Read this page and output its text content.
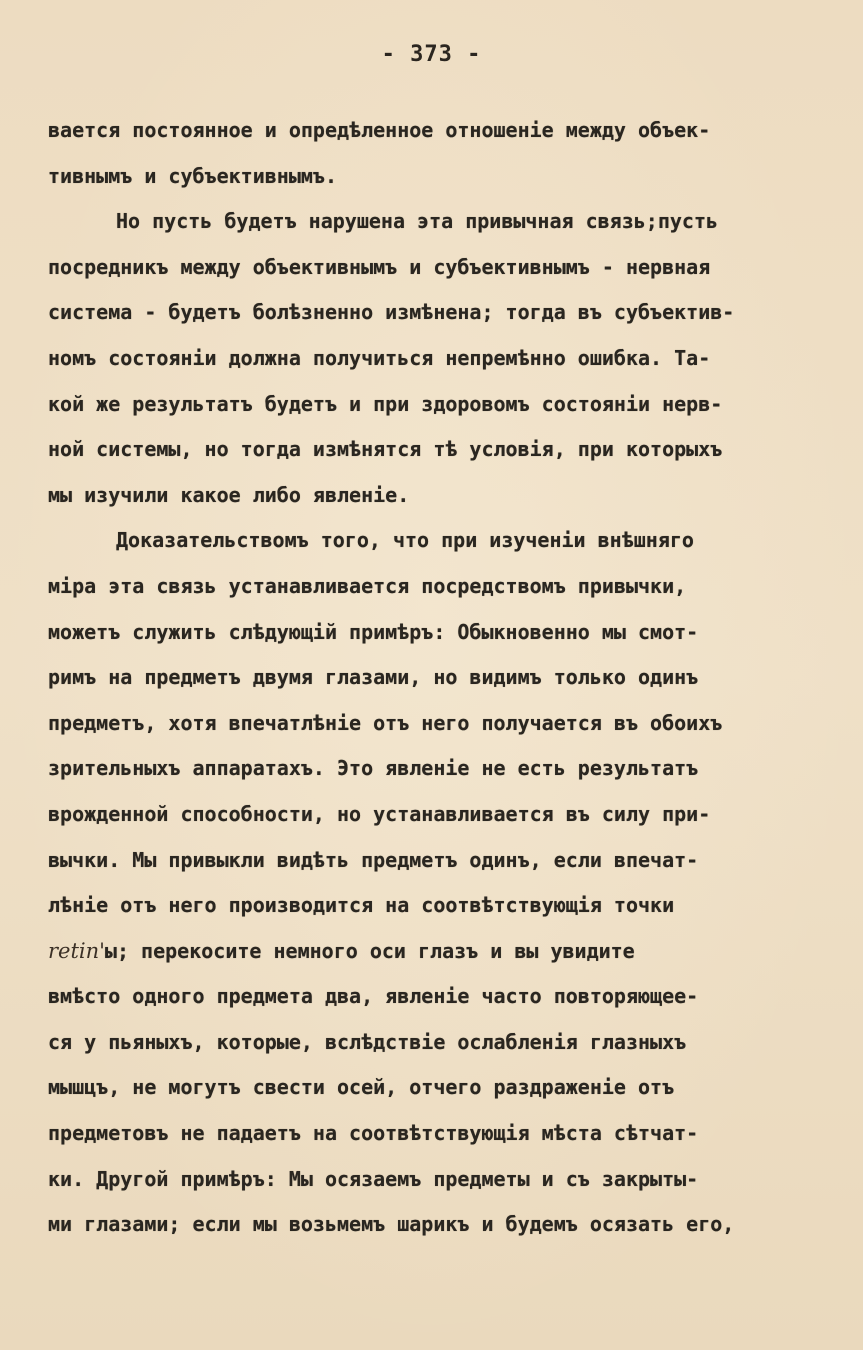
- 373 -
вается постоянное и опредѣленное отношеніе между объек-
тивнымъ и субъективнымъ.
Но пусть будетъ нарушена эта привычная связь;пусть
посредникъ между объективнымъ и субъективнымъ - нервная
система - будетъ болѣзненно измѣнена; тогда въ субъектив-
номъ состояніи должна получиться непремѣнно ошибка. Та-
кой же результатъ будетъ и при здоровомъ состояніи нерв-
ной системы, но тогда измѣнятся тѣ условія, при которыхъ
мы изучили какое либо явленіе.
Доказательствомъ того, что при изученіи внѣшняго
міра эта связь устанавливается посредствомъ привычки,
можетъ служить слѣдующій примѣръ: Обыкновенно мы смот-
римъ на предметъ двумя глазами, но видимъ только одинъ
предметъ, хотя впечатлѣніе отъ него получается въ обоихъ
зрительныхъ аппаратахъ. Это явленіе не есть результатъ
врожденной способности, но устанавливается въ силу при-
вычки. Мы привыкли видѣть предметъ одинъ, если впечат-
лѣніе отъ него производится на соотвѣтствующія точки
retin'ы; перекосите немного оси глазъ и вы увидите
вмѣсто одного предмета два, явленіе часто повторяющее-
ся у пьяныхъ, которые, вслѣдствіе ослабленія глазныхъ
мышцъ, не могутъ свести осей, отчего раздраженіе отъ
предметовъ не падаетъ на соотвѣтствующія мѣста сѣтчат-
ки. Другой примѣръ: Мы осязаемъ предметы и съ закрыты-
ми глазами; если мы возьмемъ шарикъ и будемъ осязать его,
